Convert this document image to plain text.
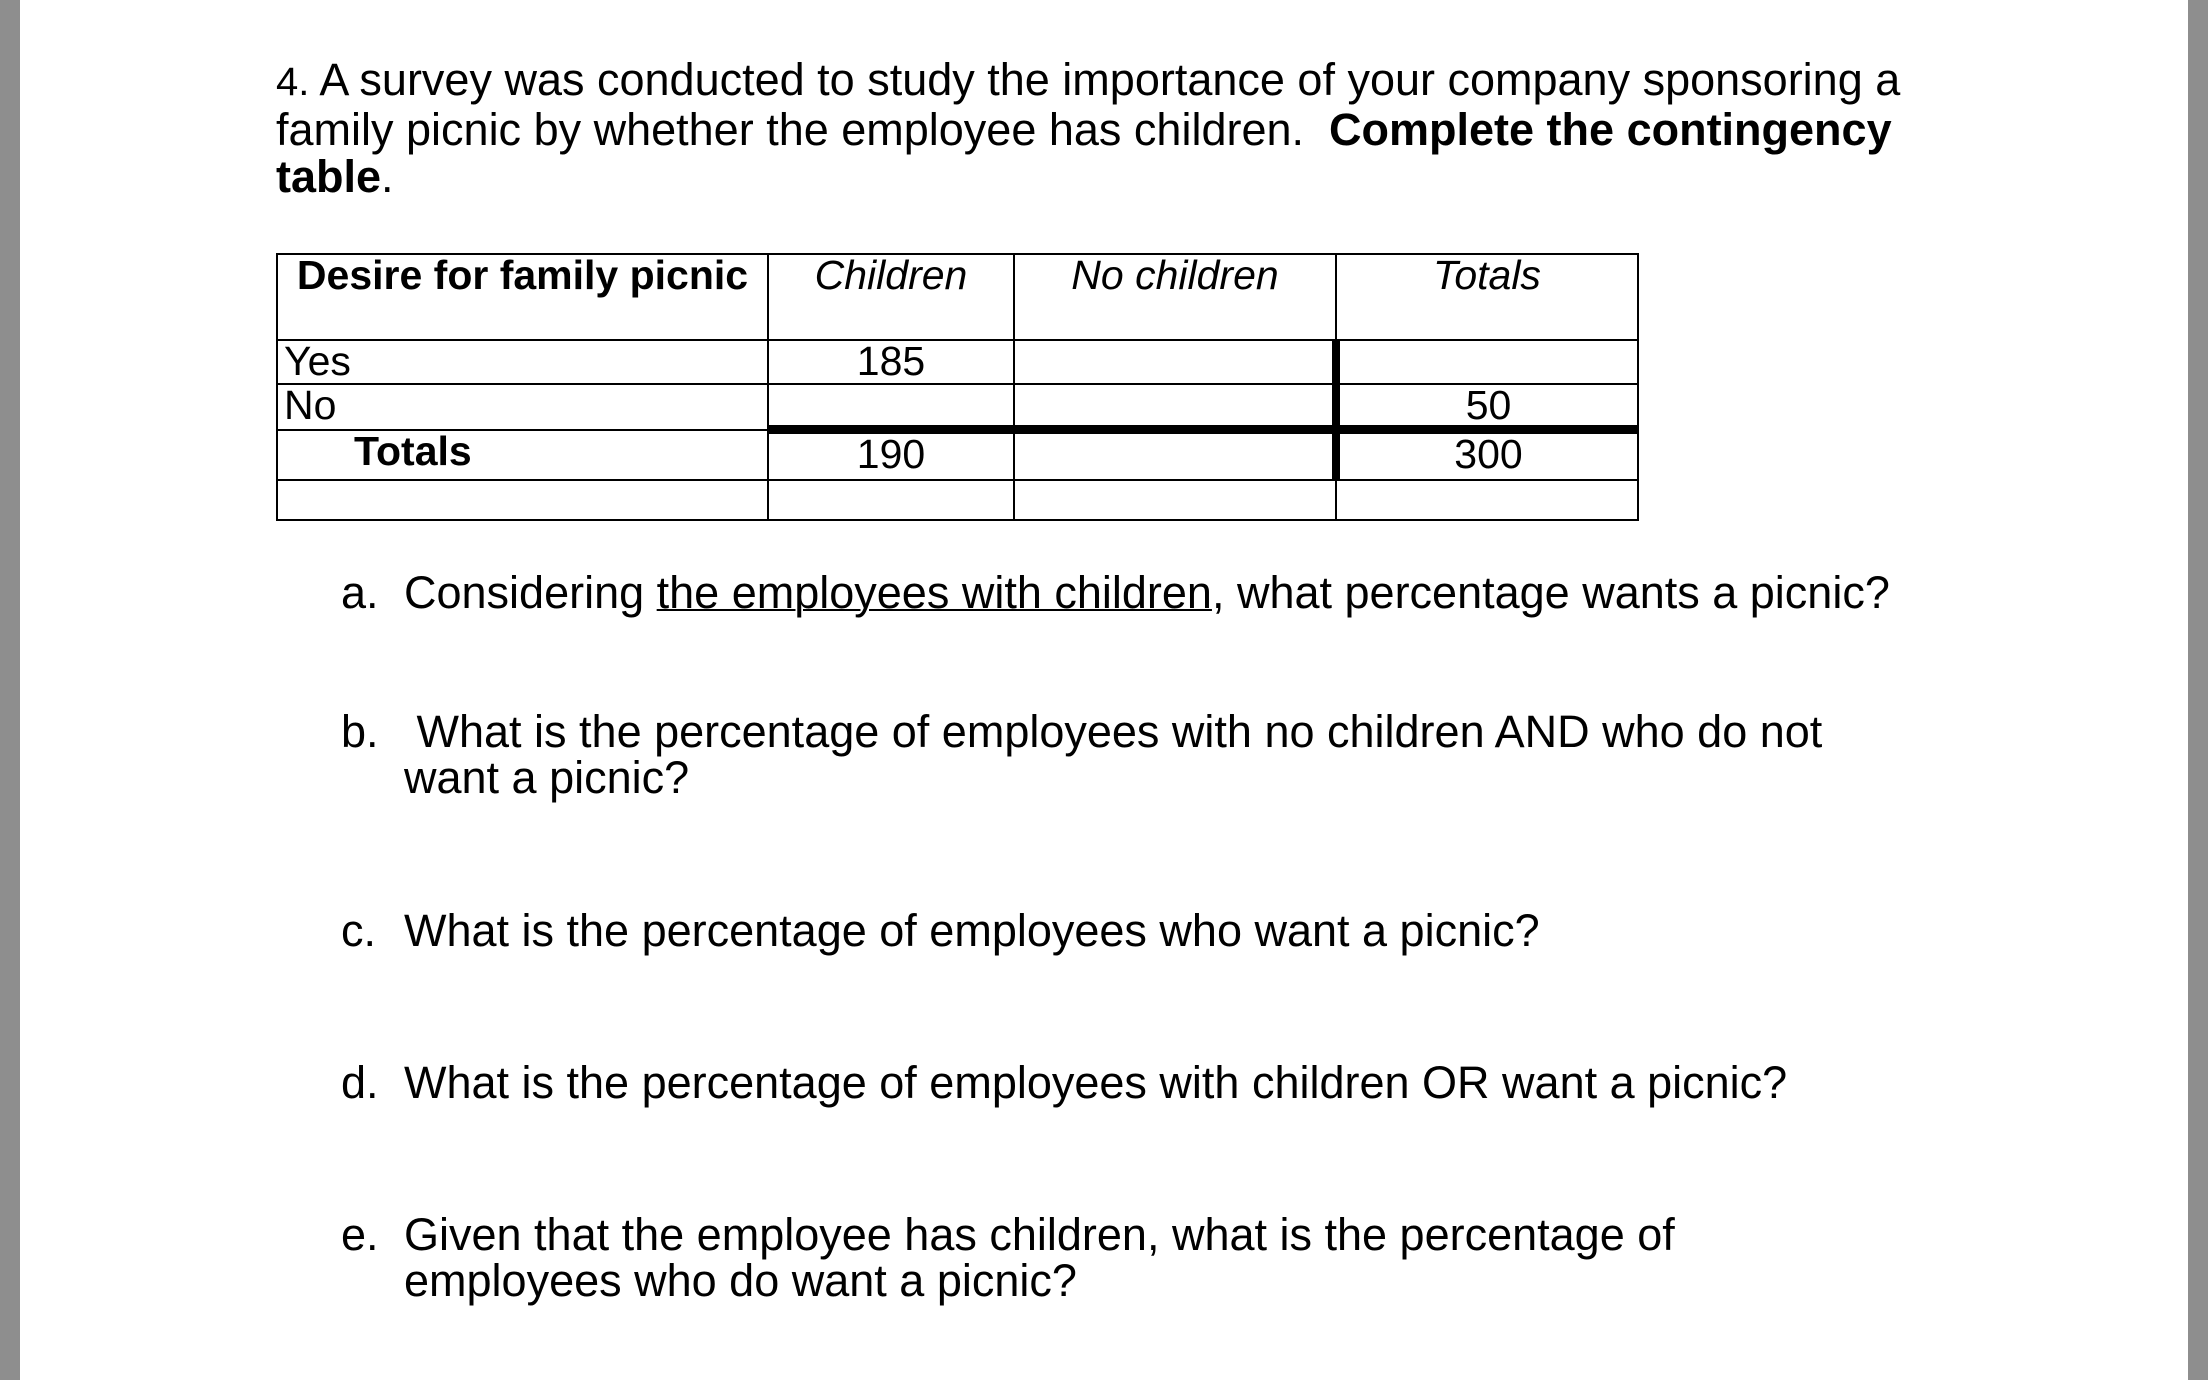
4. A survey was conducted to study the importance of your company sponsoring a family picnic by whether the employee has children. Complete the contingency table.
Desire for family picnic	Children	No children	Totals
Yes	185		
No			50
Totals	190		300

a. Considering the employees with children, what percentage wants a picnic?
b. What is the percentage of employees with no children AND who do not
want a picnic?
c. What is the percentage of employees who want a picnic?
d. What is the percentage of employees with children OR want a picnic?
e. Given that the employee has children, what is the percentage of
employees who do want a picnic?
